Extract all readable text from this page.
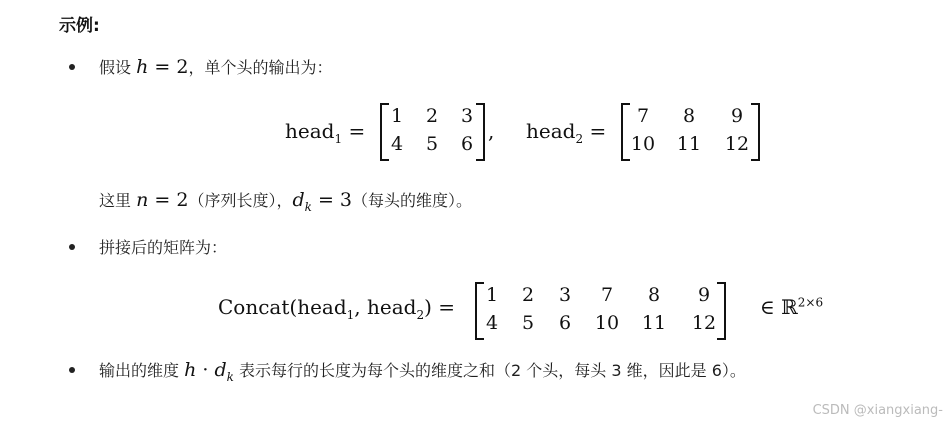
示例:
假设 h = 2，单个头的输出为：
head$_1$ =
1	2	3
4	5	6
, head$_2$ =
7	8	9
10	11	12
这里 n = 2（序列长度），$d_k = 3$（每头的维度）。
拼接后的矩阵为：
Concat(head$_1$, head$_2$) =	1	2	3	7	8	9
4	5	6	10	11	12
∈ ℝ$^{2\times 6}$
输出的维度 $h \cdot d_k$ 表示每行的长度为每个头的维度之和（2 个头，每头 3 维，因此是 6）。
CSDN @xiangxiang-
